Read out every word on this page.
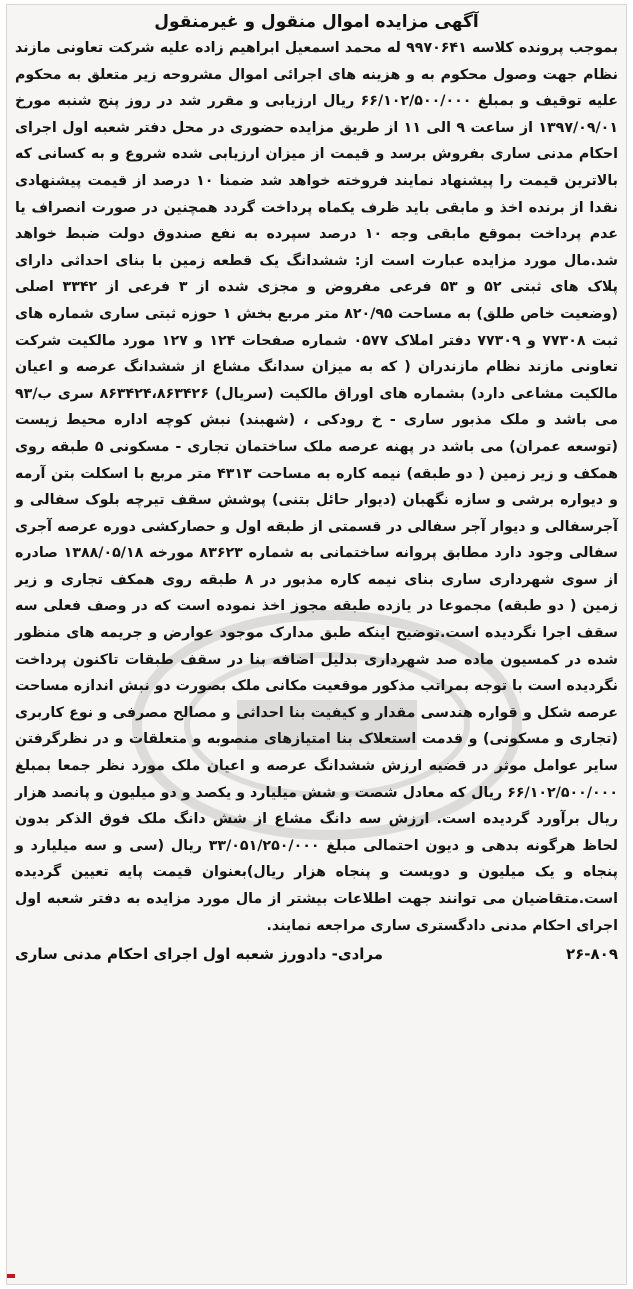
آگهی مزایده اموال منقول و غیرمنقول
بموجب پرونده کلاسه ۹۹۷۰۶۴۱ له محمد اسمعیل ابراهیم زاده علیه شرکت تعاونی مازند نظام جهت وصول محکوم به و هزینه های اجرائی اموال مشروحه زیر متعلق به محکوم علیه توقیف و بمبلغ ۶۶/۱۰۲/۵۰۰/۰۰۰ ریال ارزیابی و مقرر شد در روز پنج شنبه مورخ ۱۳۹۷/۰۹/۰۱ از ساعت ۹ الی ۱۱ از طریق مزایده حضوری در محل دفتر شعبه اول اجرای احکام مدنی ساری بفروش برسد و قیمت از میزان ارزیابی شده شروع و به کسانی که بالاترین قیمت را پیشنهاد نمایند فروخته خواهد شد ضمنا ۱۰ درصد از قیمت پیشنهادی نقدا از برنده اخذ و مابقی باید ظرف یکماه پرداخت گردد همچنین در صورت انصراف یا عدم پرداخت بموقع مابقی وجه ۱۰ درصد سپرده به نفع صندوق دولت ضبط خواهد شد.مال مورد مزایده عبارت است از: ششدانگ یک قطعه زمین با بنای احداثی دارای پلاک های ثبتی ۵۲ و ۵۳ فرعی مفروض و مجزی شده از ۳ فرعی از ۳۳۴۲ اصلی (وضعیت خاص طلق) به مساحت ۸۲۰/۹۵ متر مربع بخش ۱ حوزه ثبتی ساری شماره های ثبت ۷۷۳۰۸ و ۷۷۳۰۹ دفتر املاک ۰۵۷۷ شماره صفحات ۱۲۴ و ۱۲۷ مورد مالکیت شرکت تعاونی مازند نظام مازندران ( که به میزان سدانگ مشاع از ششدانگ عرصه و اعیان مالکیت مشاعی دارد) بشماره های اوراق مالکیت (سریال) ۸۶۳۴۲۴،۸۶۳۴۲۶ سری ب/۹۳ می باشد و ملک مذبور ساری - خ رودکی ، (شهبند) نبش کوچه اداره محیط زیست (توسعه عمران) می باشد در پهنه عرصه ملک ساختمان تجاری - مسکونی ۵ طبقه روی همکف و زیر زمین ( دو طبقه) نیمه کاره به مساحت ۴۳۱۳ متر مربع با اسکلت بتن آرمه و دیواره برشی و سازه نگهبان (دیوار حائل بتنی) پوشش سقف تیرچه بلوک سفالی و آجرسفالی و دیوار آجر سفالی در قسمتی از طبقه اول و حصارکشی دوره عرصه آجری سفالی وجود دارد مطابق پروانه ساختمانی به شماره ۸۳۶۲۳ مورخه ۱۳۸۸/۰۵/۱۸ صادره از سوی شهرداری ساری بنای نیمه کاره مذبور در ۸ طبقه روی همکف تجاری و زیر زمین ( دو طبقه) مجموعا در یازده طبقه مجوز اخذ نموده است که در وصف فعلی سه سقف اجرا نگردیده است.توضیح اینکه طبق مدارک موجود عوارض و جریمه های منظور شده در کمسیون ماده صد شهرداری بدلیل اضافه بنا در سقف طبقات تاکنون پرداخت نگردیده است با توجه بمراتب مذکور موقعیت مکانی ملک بصورت دو نبش اندازه مساحت عرصه شکل و قواره هندسی مقدار و کیفیت بنا احداثی و مصالح مصرفی و نوع کاربری (تجاری و مسکونی) و قدمت استعلاک بنا امتیازهای منصوبه و متعلقات و در نظرگرفتن سایر عوامل موثر در قضیه ارزش ششدانگ عرصه و اعیان ملک مورد نظر جمعا بمبلغ ۶۶/۱۰۲/۵۰۰/۰۰۰ ریال که معادل شصت و شش میلیارد و یکصد و دو میلیون و پانصد هزار ریال برآورد گردیده است. ارزش سه دانگ مشاع از شش دانگ ملک فوق الذکر بدون لحاظ هرگونه بدهی و دیون احتمالی مبلغ ۳۳/۰۵۱/۲۵۰/۰۰۰ ریال (سی و سه میلیارد و پنجاه و یک میلیون و دویست و پنجاه هزار ریال)بعنوان قیمت پایه تعیین گردیده است.متقاضیان می توانند جهت اطلاعات بیشتر از مال مورد مزایده به دفتر شعبه اول اجرای احکام مدنی دادگستری ساری مراجعه نمایند.
۲۶-۸۰۹
مرادی- دادورز شعبه اول اجرای احکام مدنی ساری
